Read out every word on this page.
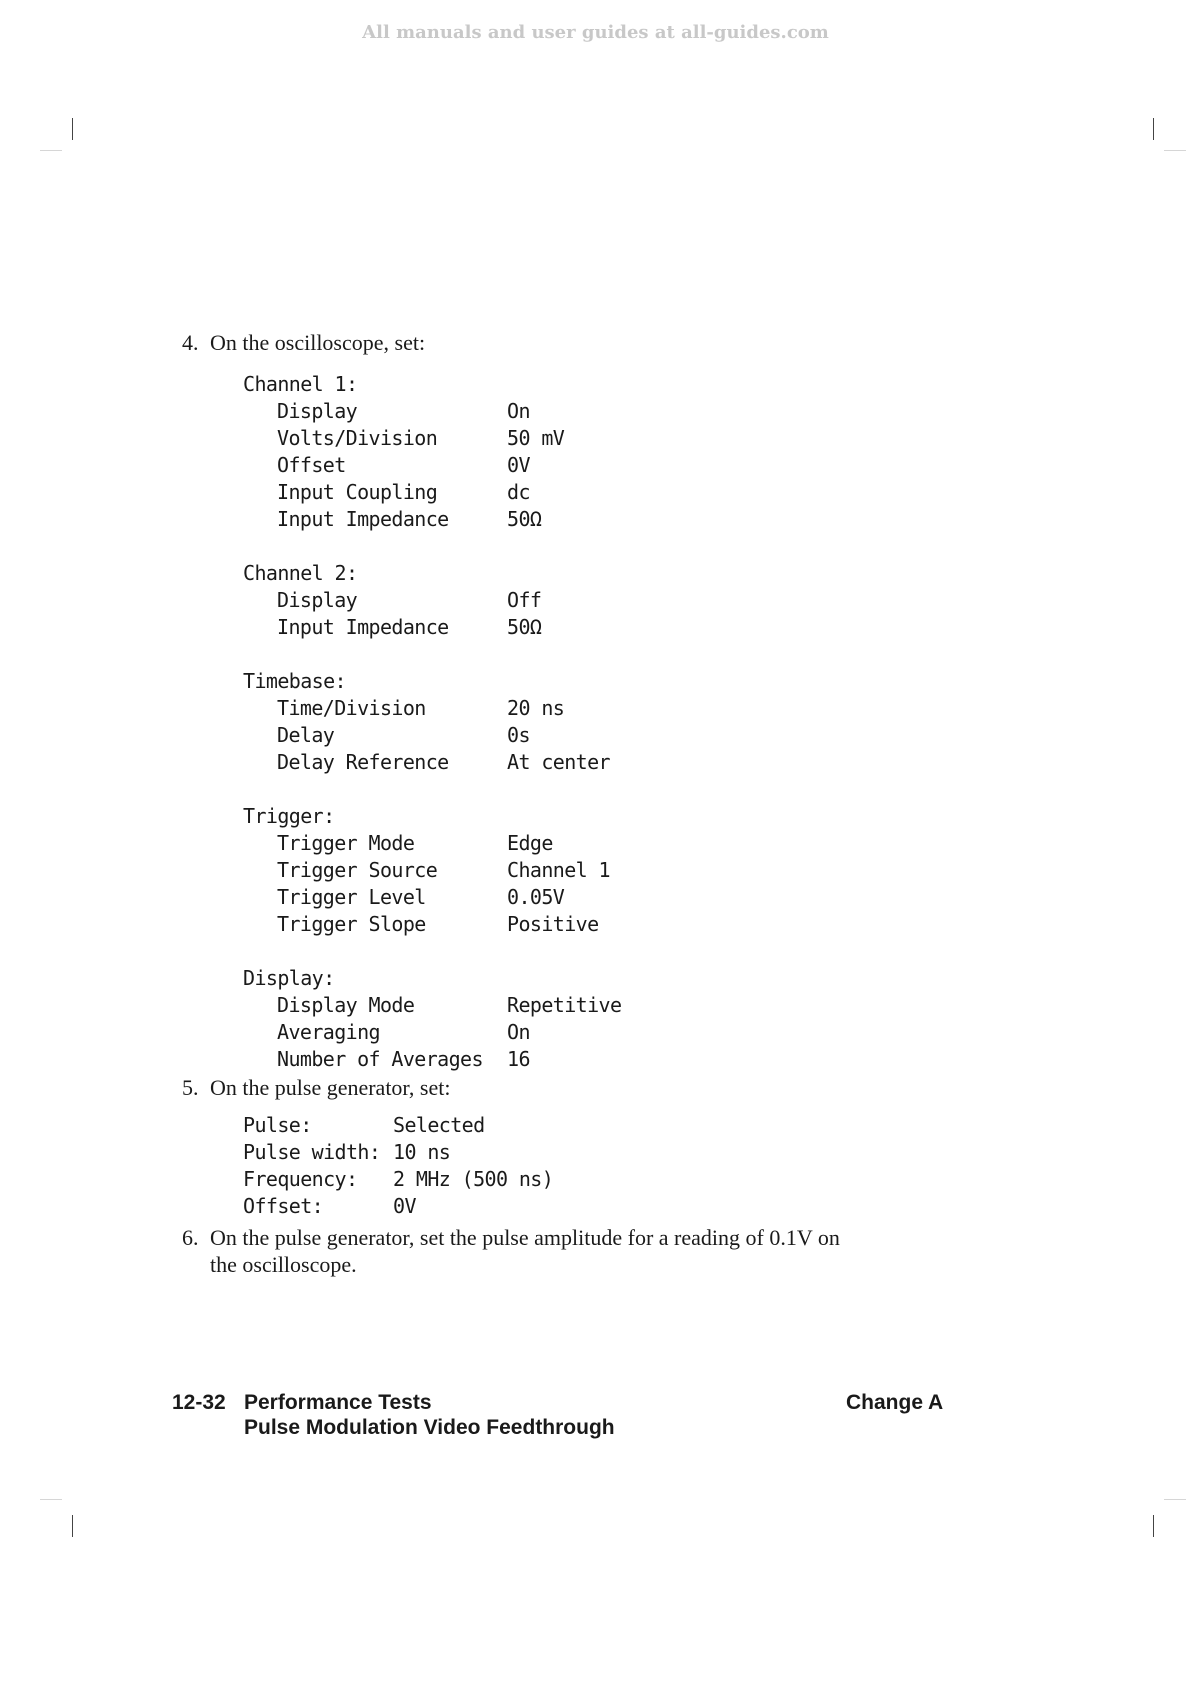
All manuals and user guides at all-guides.com
4. On the oscilloscope, set:
Channel 1:
Display	On
Volts/Division	50 mV
Offset	0V
Input Coupling	dc
Input Impedance	50Ω
Channel 2:
Display	Off
Input Impedance	50Ω
Timebase:
Time/Division	20 ns
Delay	0s
Delay Reference	At center
Trigger:
Trigger Mode	Edge
Trigger Source	Channel 1
Trigger Level	0.05V
Trigger Slope	Positive
Display:
Display Mode	Repetitive
Averaging	On
Number of Averages 16
5. On the pulse generator, set:
Pulse:	Selected
Pulse width: 10 ns
Frequency: 2 MHz (500 ns)
Offset:	0V
6. On the pulse generator, set the pulse amplitude for a reading of 0.1V on
the oscilloscope.
12-32 Performance Tests
Pulse Modulation Video Feedthrough
Change A
